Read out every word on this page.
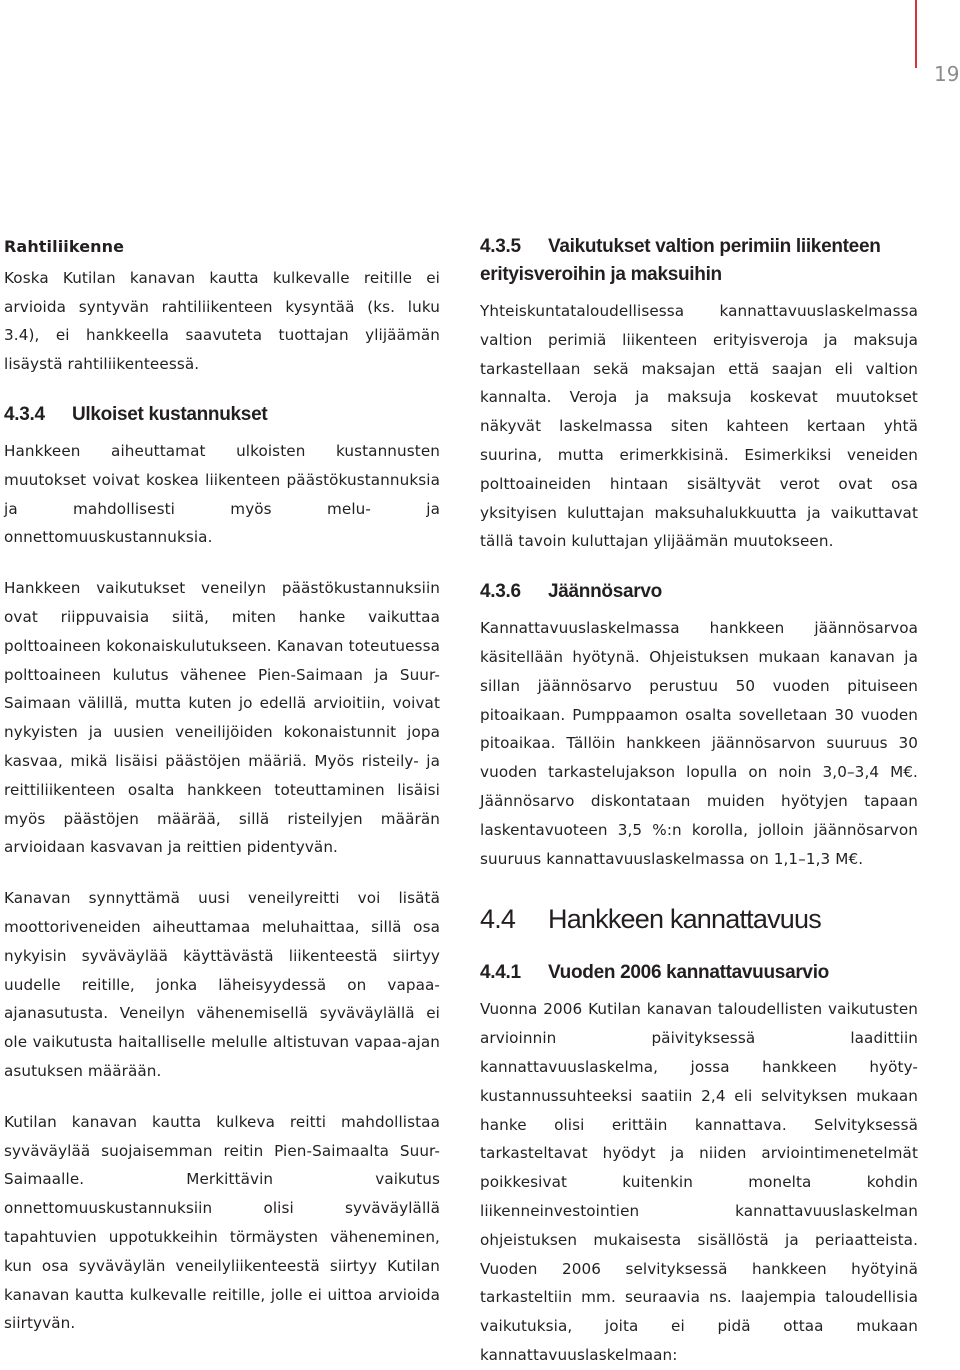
19

Rahtiliikenne

Koska Kutilan kanavan kautta kulkevalle reitille ei arvioida syntyvän rahtiliikenteen kysyntää (ks. luku 3.4), ei hankkeella saavuteta tuottajan ylijäämän lisäystä rahtiliikenteessä.

4.3.4	Ulkoiset kustannukset

Hankkeen aiheuttamat ulkoisten kustannusten muutokset voivat koskea liikenteen päästökustannuksia ja mahdollisesti myös melu- ja onnettomuuskustannuksia.

Hankkeen vaikutukset veneilyn päästökustannuksiin ovat riippuvaisia siitä, miten hanke vaikuttaa polttoaineen kokonaiskulutukseen. Kanavan toteutuessa polttoaineen kulutus vähenee Pien-Saimaan ja Suur-Saimaan välillä, mutta kuten jo edellä arvioitiin, voivat nykyisten ja uusien veneilijöiden kokonaistunnit jopa kasvaa, mikä lisäisi päästöjen määriä. Myös risteily- ja reittiliikenteen osalta hankkeen toteuttaminen lisäisi myös päästöjen määrää, sillä risteilyjen määrän arvioidaan kasvavan ja reittien pidentyvän.

Kanavan synnyttämä uusi veneilyreitti voi lisätä moottoriveneiden aiheuttamaa meluhaittaa, sillä osa nykyisin syväväylää käyttävästä liikenteestä siirtyy uudelle reitille, jonka läheisyydessä on vapaa-ajanasutusta. Veneilyn vähenemisellä syväväylällä ei ole vaikutusta haitalliselle melulle altistuvan vapaa-ajan asutuksen määrään.

Kutilan kanavan kautta kulkeva reitti mahdollistaa syväväylää suojaisemman reitin Pien-Saimaalta Suur-Saimaalle. Merkittävin vaikutus onnettomuuskustannuksiin olisi syväväylällä tapahtuvien uppotukkeihin törmäysten väheneminen, kun osa syväväylän veneilyliikenteestä siirtyy Kutilan kanavan kautta kulkevalle reitille, jolle ei uittoa arvioida siirtyvän.

4.3.5	Vaikutukset valtion perimiin liikenteen
erityisveroihin ja maksuihin

Yhteiskuntataloudellisessa kannattavuuslaskelmassa valtion perimiä liikenteen erityisveroja ja maksuja tarkastellaan sekä maksajan että saajan eli valtion kannalta. Veroja ja maksuja koskevat muutokset näkyvät laskelmassa siten kahteen kertaan yhtä suurina, mutta erimerkkisinä. Esimerkiksi veneiden polttoaineiden hintaan sisältyvät verot ovat osa yksityisen kuluttajan maksuhalukkuutta ja vaikuttavat tällä tavoin kuluttajan ylijäämän muutokseen.

4.3.6	Jäännösarvo

Kannattavuuslaskelmassa hankkeen jäännösarvoa käsitellään hyötynä. Ohjeistuksen mukaan kanavan ja sillan jäännösarvo perustuu 50 vuoden pituiseen pitoaikaan. Pumppaamon osalta sovelletaan 30 vuoden pitoaikaa. Tällöin hankkeen jäännösarvon suuruus 30 vuoden tarkastelujakson lopulla on noin 3,0–3,4 M€. Jäännösarvo diskontataan muiden hyötyjen tapaan laskentavuoteen 3,5 %:n korolla, jolloin jäännösarvon suuruus kannattavuuslaskelmassa on 1,1–1,3 M€.

4.4	Hankkeen kannattavuus
4.4.1	Vuoden 2006 kannattavuusarvio

Vuonna 2006 Kutilan kanavan taloudellisten vaikutusten arvioinnin päivityksessä laadittiin kannattavuuslaskelma, jossa hankkeen hyöty-kustannussuhteeksi saatiin 2,4 eli selvityksen mukaan hanke olisi erittäin kannattava. Selvityksessä tarkasteltavat hyödyt ja niiden arviointimenetelmät poikkesivat kuitenkin monelta kohdin liikenneinvestointien kannattavuuslaskelman ohjeistuksen mukaisesta sisällöstä ja periaatteista. Vuoden 2006 selvityksessä hankkeen hyötyinä tarkasteltiin mm. seuraavia ns. laajempia taloudellisia vaikutuksia, joita ei pidä ottaa mukaan kannattavuuslaskelmaan:
